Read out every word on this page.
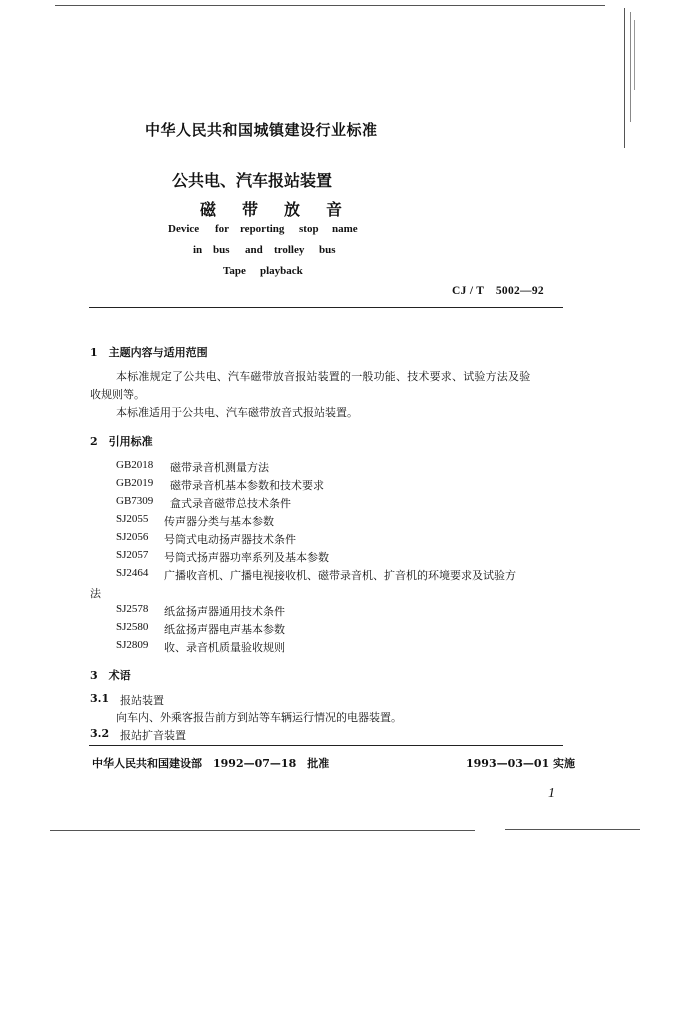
中华人民共和国城镇建设行业标准
公共电、汽车报站装置
磁带放音
Device for reporting stop name
in bus and trolley bus
Tape playback
CJ / T　5002—92
1　主题内容与适用范围
本标准规定了公共电、汽车磁带放音报站装置的一般功能、技术要求、试验方法及验
收规则等。
本标准适用于公共电、汽车磁带放音式报站装置。
2　引用标准
GB2018 磁带录音机测量方法
GB2019 磁带录音机基本参数和技术要求
GB7309 盒式录音磁带总技术条件
SJ2055 传声器分类与基本参数
SJ2056 号筒式电动扬声器技术条件
SJ2057 号筒式扬声器功率系列及基本参数
SJ2464 广播收音机、广播电视接收机、磁带录音机、扩音机的环境要求及试验方
法
SJ2578 纸盆扬声器通用技术条件
SJ2580 纸盆扬声器电声基本参数
SJ2809 收、录音机质量验收规则
3　术语
3.1 报站装置
向车内、外乘客报告前方到站等车辆运行情况的电器装置。
3.2 报站扩音装置
中华人民共和国建设部　1992—07—18　批准	1993—03—01 实施
1
